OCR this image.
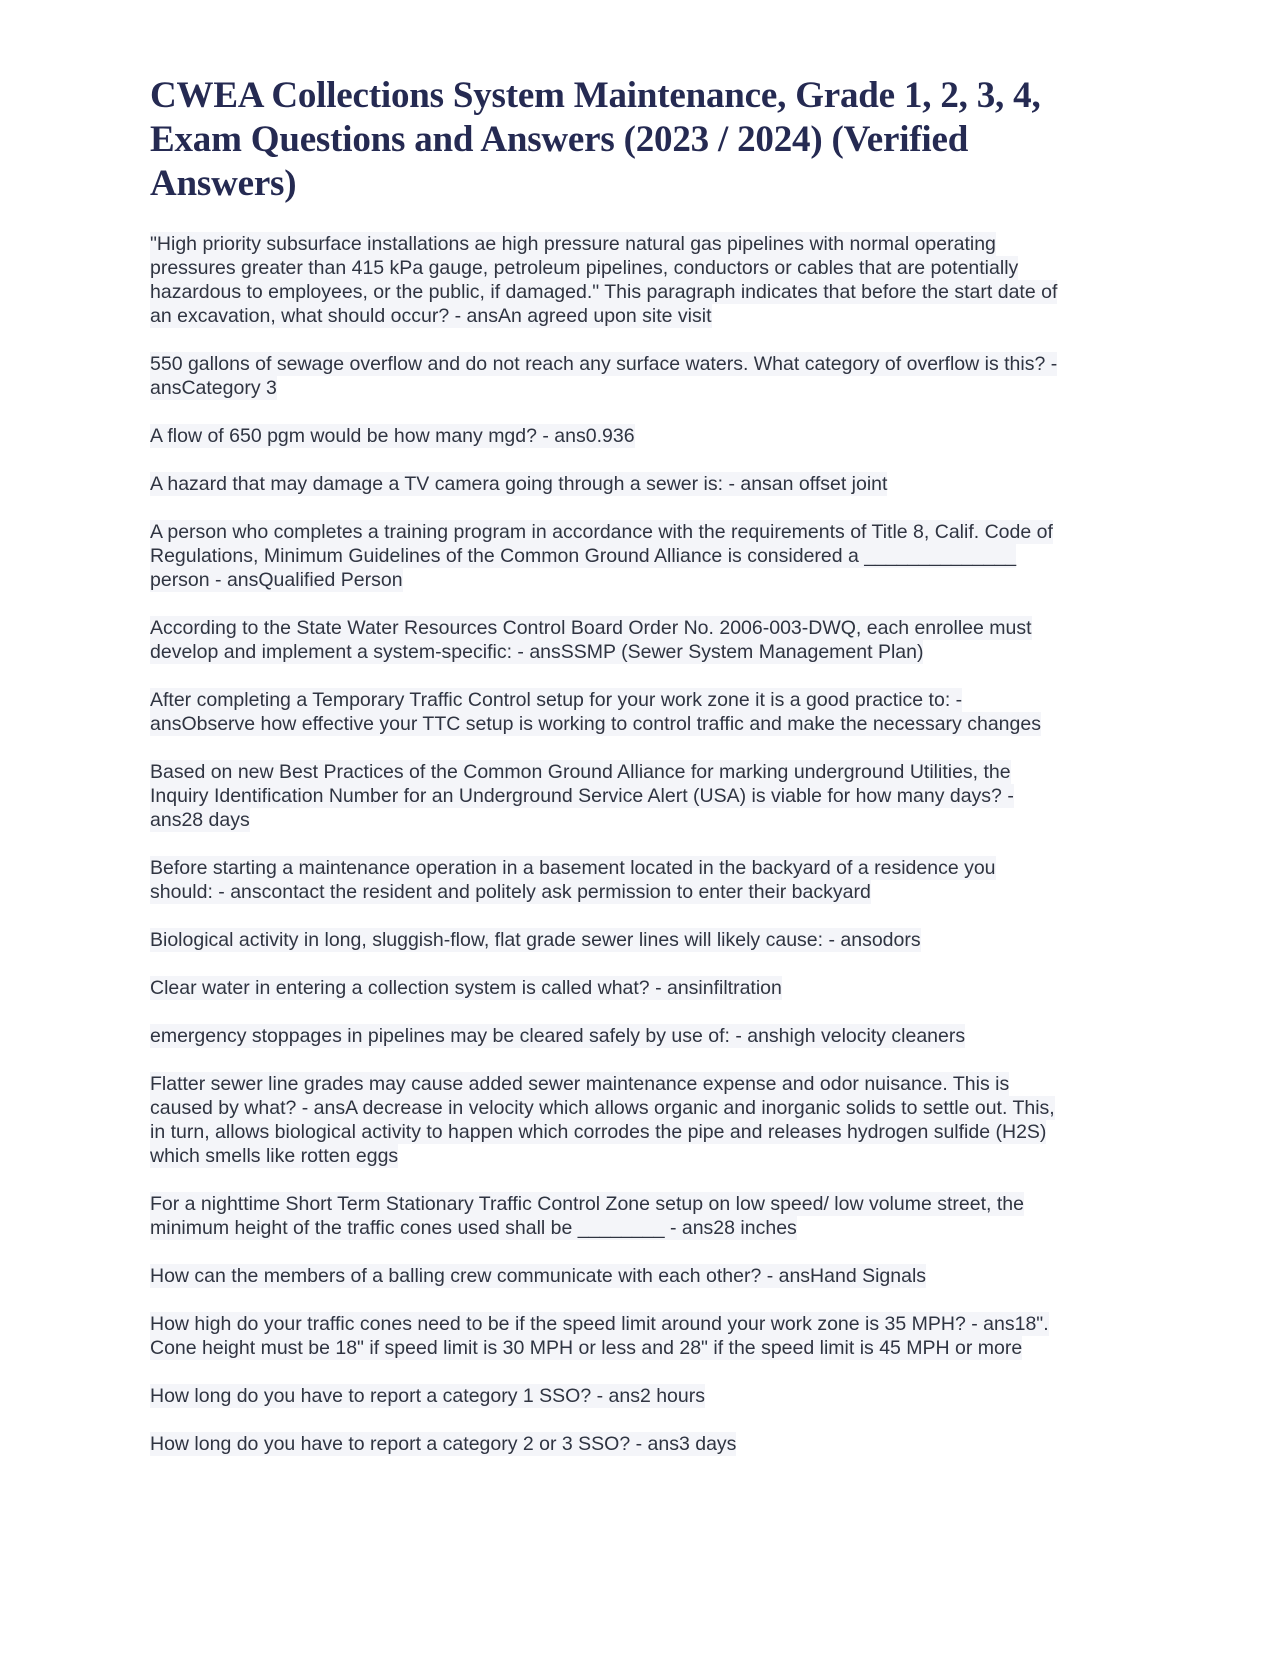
CWEA Collections System Maintenance, Grade 1, 2, 3, 4,
Exam Questions and Answers (2023 / 2024) (Verified
Answers)

"High priority subsurface installations ae high pressure natural gas pipelines with normal operating
pressures greater than 415 kPa gauge, petroleum pipelines, conductors or cables that are potentially
hazardous to employees, or the public, if damaged." This paragraph indicates that before the start date of
an excavation, what should occur? - ansAn agreed upon site visit

550 gallons of sewage overflow and do not reach any surface waters. What category of overflow is this? -
ansCategory 3

A flow of 650 pgm would be how many mgd? - ans0.936

A hazard that may damage a TV camera going through a sewer is: - ansan offset joint

A person who completes a training program in accordance with the requirements of Title 8, Calif. Code of
Regulations, Minimum Guidelines of the Common Ground Alliance is considered a ______________
person - ansQualified Person

According to the State Water Resources Control Board Order No. 2006-003-DWQ, each enrollee must
develop and implement a system-specific: - ansSSMP (Sewer System Management Plan)

After completing a Temporary Traffic Control setup for your work zone it is a good practice to: -
ansObserve how effective your TTC setup is working to control traffic and make the necessary changes

Based on new Best Practices of the Common Ground Alliance for marking underground Utilities, the
Inquiry Identification Number for an Underground Service Alert (USA) is viable for how many days? -
ans28 days

Before starting a maintenance operation in a basement located in the backyard of a residence you
should: - anscontact the resident and politely ask permission to enter their backyard

Biological activity in long, sluggish-flow, flat grade sewer lines will likely cause: - ansodors

Clear water in entering a collection system is called what? - ansinfiltration

emergency stoppages in pipelines may be cleared safely by use of: - anshigh velocity cleaners

Flatter sewer line grades may cause added sewer maintenance expense and odor nuisance. This is
caused by what? - ansA decrease in velocity which allows organic and inorganic solids to settle out. This,
in turn, allows biological activity to happen which corrodes the pipe and releases hydrogen sulfide (H2S)
which smells like rotten eggs

For a nighttime Short Term Stationary Traffic Control Zone setup on low speed/ low volume street, the
minimum height of the traffic cones used shall be ________ - ans28 inches

How can the members of a balling crew communicate with each other? - ansHand Signals

How high do your traffic cones need to be if the speed limit around your work zone is 35 MPH? - ans18".
Cone height must be 18" if speed limit is 30 MPH or less and 28" if the speed limit is 45 MPH or more

How long do you have to report a category 1 SSO? - ans2 hours

How long do you have to report a category 2 or 3 SSO? - ans3 days
